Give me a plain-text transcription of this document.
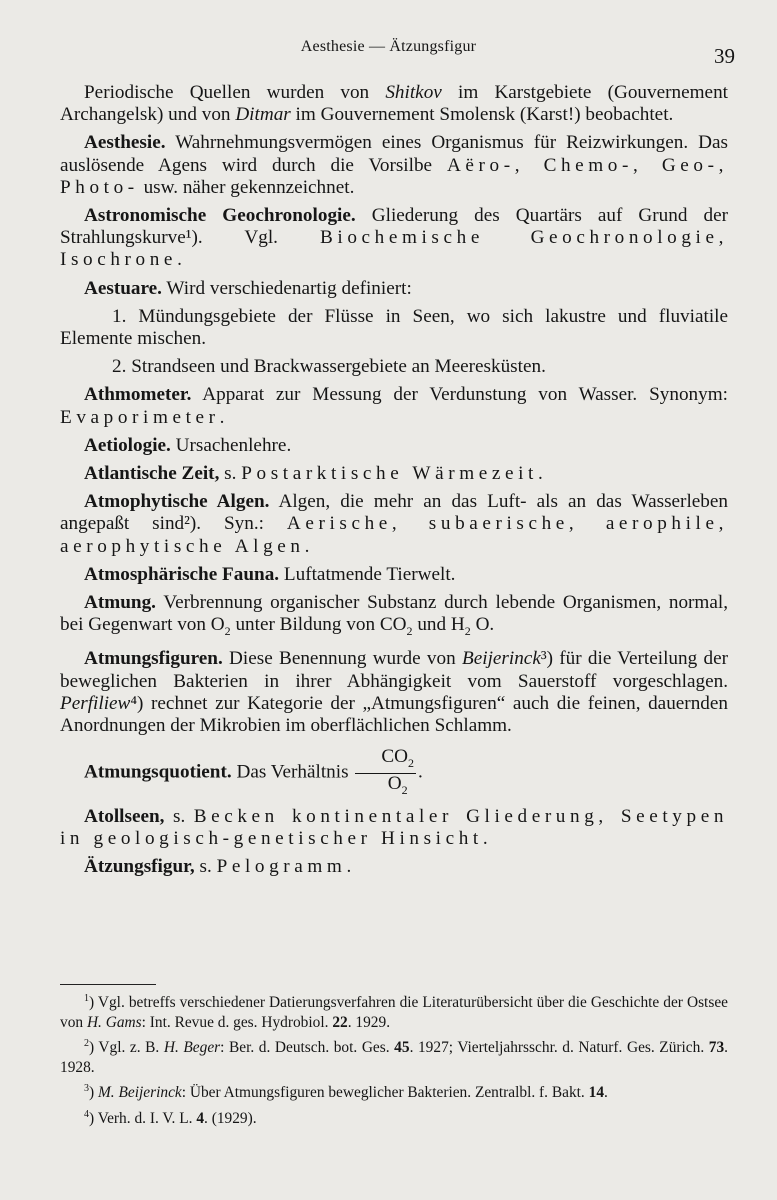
Aesthesie — Ätzungsfigur	39

Periodische Quellen wurden von Shitkov im Karstgebiete (Gouvernement Archangelsk) und von Ditmar im Gouvernement Smolensk (Karst!) beobachtet.

Aesthesie. Wahrnehmungsvermögen eines Organismus für Reizwirkungen. Das auslösende Agens wird durch die Vorsilbe Aëro-, Chemo-, Geo-, Photo- usw. näher gekennzeichnet.

Astronomische Geochronologie. Gliederung des Quartärs auf Grund der Strahlungskurve¹). Vgl. Biochemische Geochronologie, Isochrone.

Aestuare. Wird verschiedenartig definiert:

1. Mündungsgebiete der Flüsse in Seen, wo sich lakustre und fluviatile Elemente mischen.

2. Strandseen und Brackwassergebiete an Meeresküsten.

Athmometer. Apparat zur Messung der Verdunstung von Wasser. Synonym: Evaporimeter.

Aetiologie. Ursachenlehre.

Atlantische Zeit, s. Postarktische Wärmezeit.

Atmophytische Algen. Algen, die mehr an das Luft- als an das Wasserleben angepaßt sind²). Syn.: Aerische, subaerische, aerophile, aerophytische Algen.

Atmosphärische Fauna. Luftatmende Tierwelt.

Atmung. Verbrennung organischer Substanz durch lebende Organismen, normal, bei Gegenwart von $O_2$ unter Bildung von $CO_2$ und $H_2$ O.

Atmungsfiguren. Diese Benennung wurde von Beijerinck³) für die Verteilung der beweglichen Bakterien in ihrer Abhängigkeit vom Sauerstoff vorgeschlagen. Perfiliew⁴) rechnet zur Kategorie der „Atmungsfiguren“ auch die feinen, dauernden Anordnungen der Mikrobien im oberflächlichen Schlamm.

Atmungsquotient. Das Verhältnis $\frac{CO_2}{O_2}$ .

Atollseen, s. Becken kontinentaler Gliederung, Seetypen in geologisch-genetischer Hinsicht.

Ätzungsfigur, s. Pelogramm.

$^1$) Vgl. betreffs verschiedener Datierungsverfahren die Literaturübersicht über die Geschichte der Ostsee von H. Gams: Int. Revue d. ges. Hydrobiol. 22. 1929.

$^2$) Vgl. z. B. H. Beger: Ber. d. Deutsch. bot. Ges. 45. 1927; Vierteljahrsschr. d. Naturf. Ges. Zürich. 73. 1928.

$^3$) M. Beijerinck: Über Atmungsfiguren beweglicher Bakterien. Zentralbl. f. Bakt. 14.

$^4$) Verh. d. I. V. L. 4. (1929).
